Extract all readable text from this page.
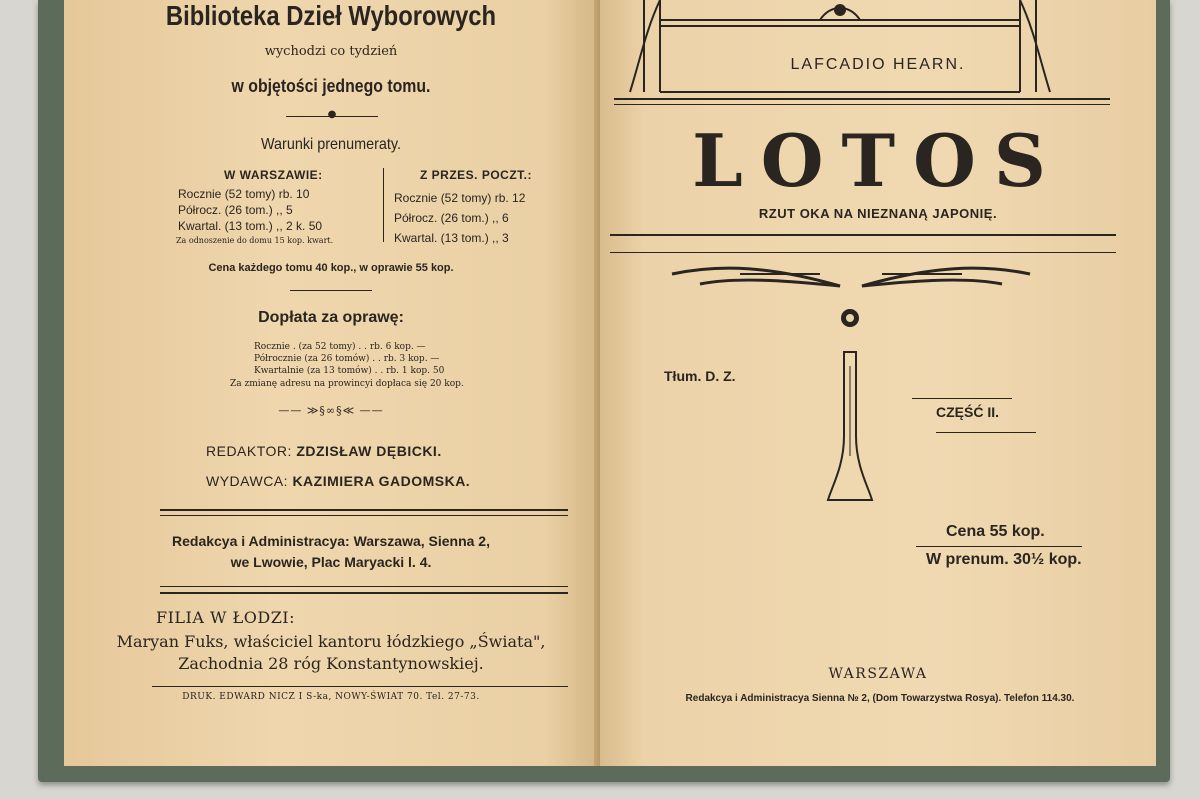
Biblioteka Dzieł Wyborowych
wychodzi co tydzień
w objętości jednego tomu.
●
Warunki prenumeraty.
W WARSZAWIE:
Rocznie (52 tomy) rb. 10
Półrocz. (26 tom.) ,, 5
Kwartal. (13 tom.) ,, 2 k. 50
Za odnoszenie do domu 15 kop. kwart.
Z PRZES. POCZT.:
Rocznie (52 tomy) rb. 12
Półrocz. (26 tom.) ,, 6
Kwartal. (13 tom.) ,, 3
Cena każdego tomu 40 kop., w oprawie 55 kop.
Dopłata za oprawę:
Rocznie . (za 52 tomy) . . rb. 6 kop. —
Półrocznie (za 26 tomów) . . rb. 3 kop. —
Kwartalnie (za 13 tomów) . . rb. 1 kop. 50
Za zmianę adresu na prowincyi dopłaca się 20 kop.
—— ≫§∞§≪ ——
REDAKTOR: ZDZISŁAW DĘBICKI.
WYDAWCA: KAZIMIERA GADOMSKA.
Redakcya i Administracya: Warszawa, Sienna 2,
we Lwowie, Plac Maryacki l. 4.
FILIA W ŁODZI:
Maryan Fuks, właściciel kantoru łódzkiego „Świata",
Zachodnia 28 róg Konstantynowskiej.
DRUK. EDWARD NICZ I S-ka, NOWY-ŚWIAT 70. Tel. 27-73.
LAFCADIO HEARN.
LOTOS
RZUT OKA NA NIEZNANĄ JAPONIĘ.
Tłum. D. Z.
CZĘŚĆ II.
Cena 55 kop.
W prenum. 30½ kop.
WARSZAWA
Redakcya i Administracya Sienna № 2, (Dom Towarzystwa Rosya). Telefon 114.30.
